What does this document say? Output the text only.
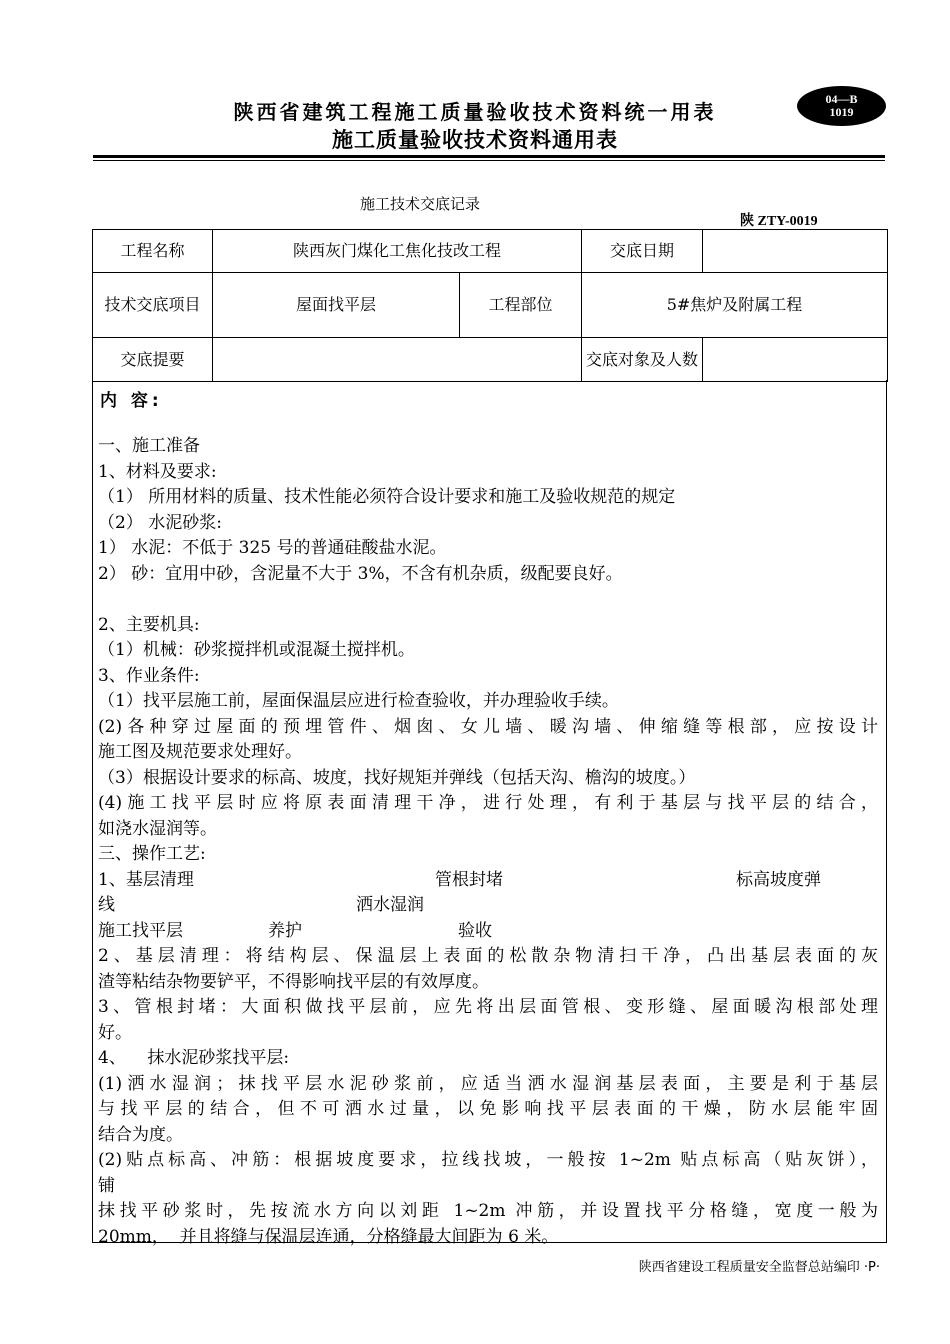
陕西省建筑工程施工质量验收技术资料统一用表
施工质量验收技术资料通用表
04—B
1019
施工技术交底记录
陕 ZTY-0019
工程名称	陕西灰门煤化工焦化技改工程		交底日期	
技术交底项目	屋面找平层	工程部位	5#焦炉及附属工程	
交底提要			交底对象及人数	
内 容:
一、施工准备
1、材料及要求:
（1） 所用材料的质量、技术性能必须符合设计要求和施工及验收规范的规定
（2） 水泥砂浆:
1） 水泥：不低于 325 号的普通硅酸盐水泥。
2） 砂：宜用中砂，含泥量不大于 3%，不含有机杂质，级配要良好。
2、主要机具:
（1）机械：砂浆搅拌机或混凝土搅拌机。
3、作业条件:
（1）找平层施工前，屋面保温层应进行检查验收，并办理验收手续。
(2)各种穿过屋面的预埋管件、烟囱、女儿墙、暖沟墙、伸缩缝等根部，应按设计
施工图及规范要求处理好。
（3）根据设计要求的标高、坡度，找好规矩并弹线（包括天沟、檐沟的坡度。）
(4)施工找平层时应将原表面清理干净，进行处理，有利于基层与找平层的结合，
如浇水湿润等。
三、操作工艺:
1、基层清理	管根封堵	标高坡度弹
线	洒水湿润
施工找平层	养护	验收
2、基层清理：将结构层、保温层上表面的松散杂物清扫干净，凸出基层表面的灰
渣等粘结杂物要铲平，不得影响找平层的有效厚度。
3、管根封堵：大面积做找平层前，应先将出层面管根、变形缝、屋面暖沟根部处理
好。
4、    抹水泥砂浆找平层:
(1)洒水湿润；抹找平层水泥砂浆前，应适当洒水湿润基层表面，主要是利于基层
与找平层的结合，但不可洒水过量，以免影响找平层表面的干燥，防水层能牢固
结合为度。
(2)贴点标高、冲筋：根据坡度要求，拉线找坡，一般按 1~2m 贴点标高（贴灰饼），
铺
抹找平砂浆时，先按流水方向以刘距 1~2m 冲筋，并设置找平分格缝，宽度一般为
20mm，  并且将缝与保温层连通，分格缝最大间距为 6 米。
陕西省建设工程质量安全监督总站编印 ·P·
